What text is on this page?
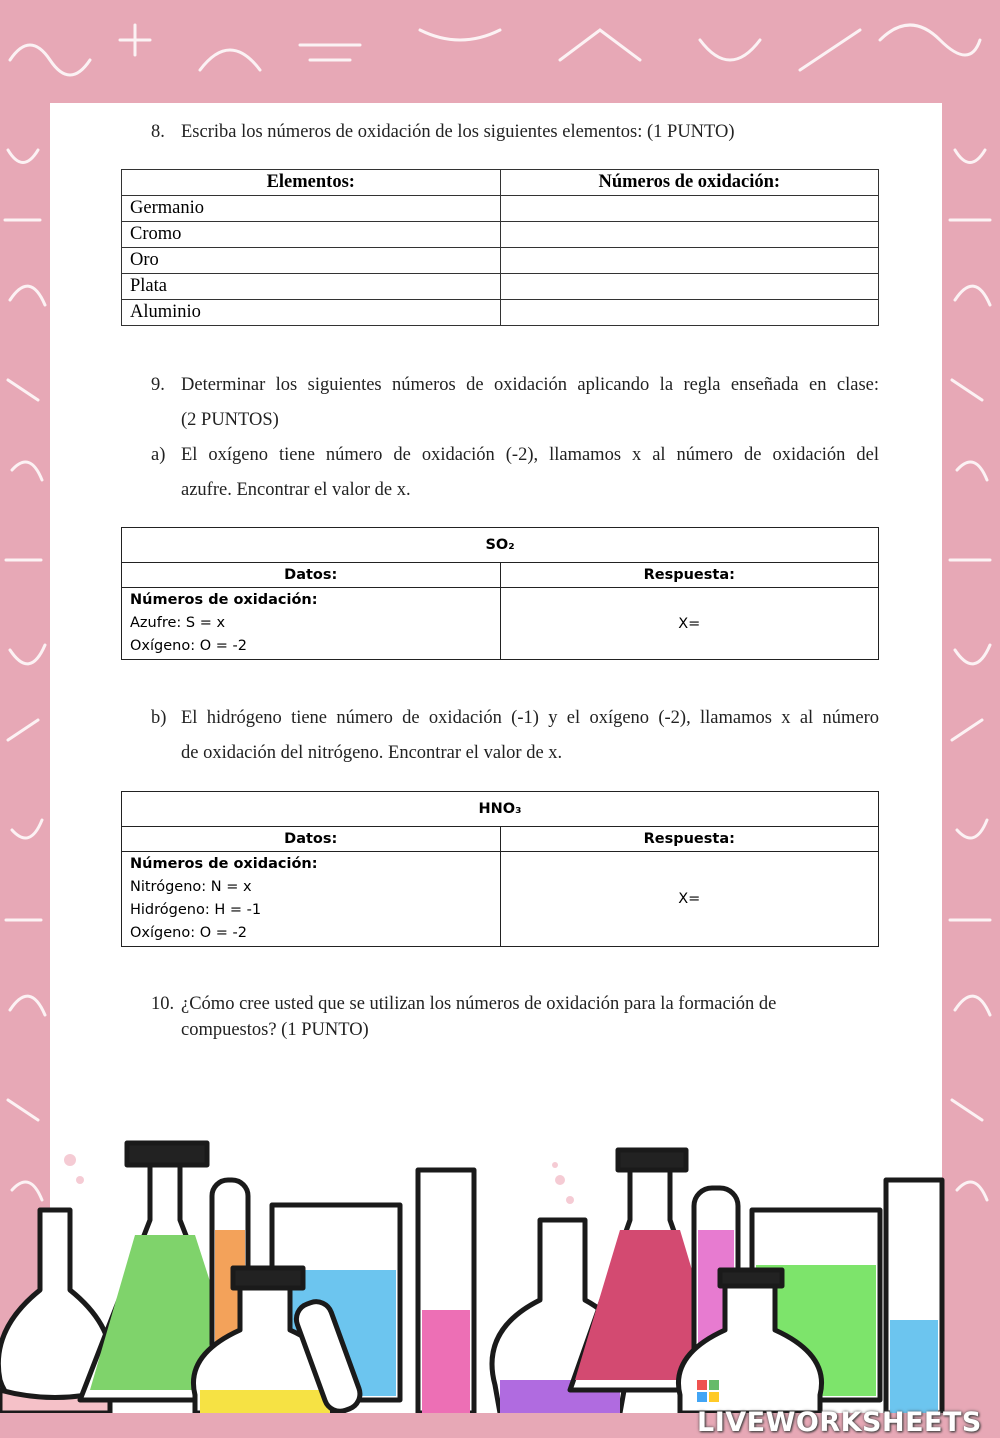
8. Escriba los números de oxidación de los siguientes elementos: (1 PUNTO)
Elementos:	Números de oxidación:
Germanio	
Cromo	
Oro	
Plata	
Aluminio	
9. Determinar los siguientes números de oxidación aplicando la regla enseñada en clase:
(2 PUNTOS)
a) El oxígeno tiene número de oxidación (-2), llamamos x al número de oxidación del
azufre. Encontrar el valor de x.
SO₂	
Datos:	Respuesta:

Números de oxidación:
Azufre: S = x
Oxígeno: O = -2	X=
b) El hidrógeno tiene número de oxidación (-1) y el oxígeno (-2), llamamos x al número
de oxidación del nitrógeno. Encontrar el valor de x.
HNO₃	
Datos:	Respuesta:

Números de oxidación:
Nitrógeno: N = x
Hidrógeno: H = -1
Oxígeno: O = -2	X=
10. ¿Cómo cree usted que se utilizan los números de oxidación para la formación de
compuestos? (1 PUNTO)
LIVEWORKSHEETS
